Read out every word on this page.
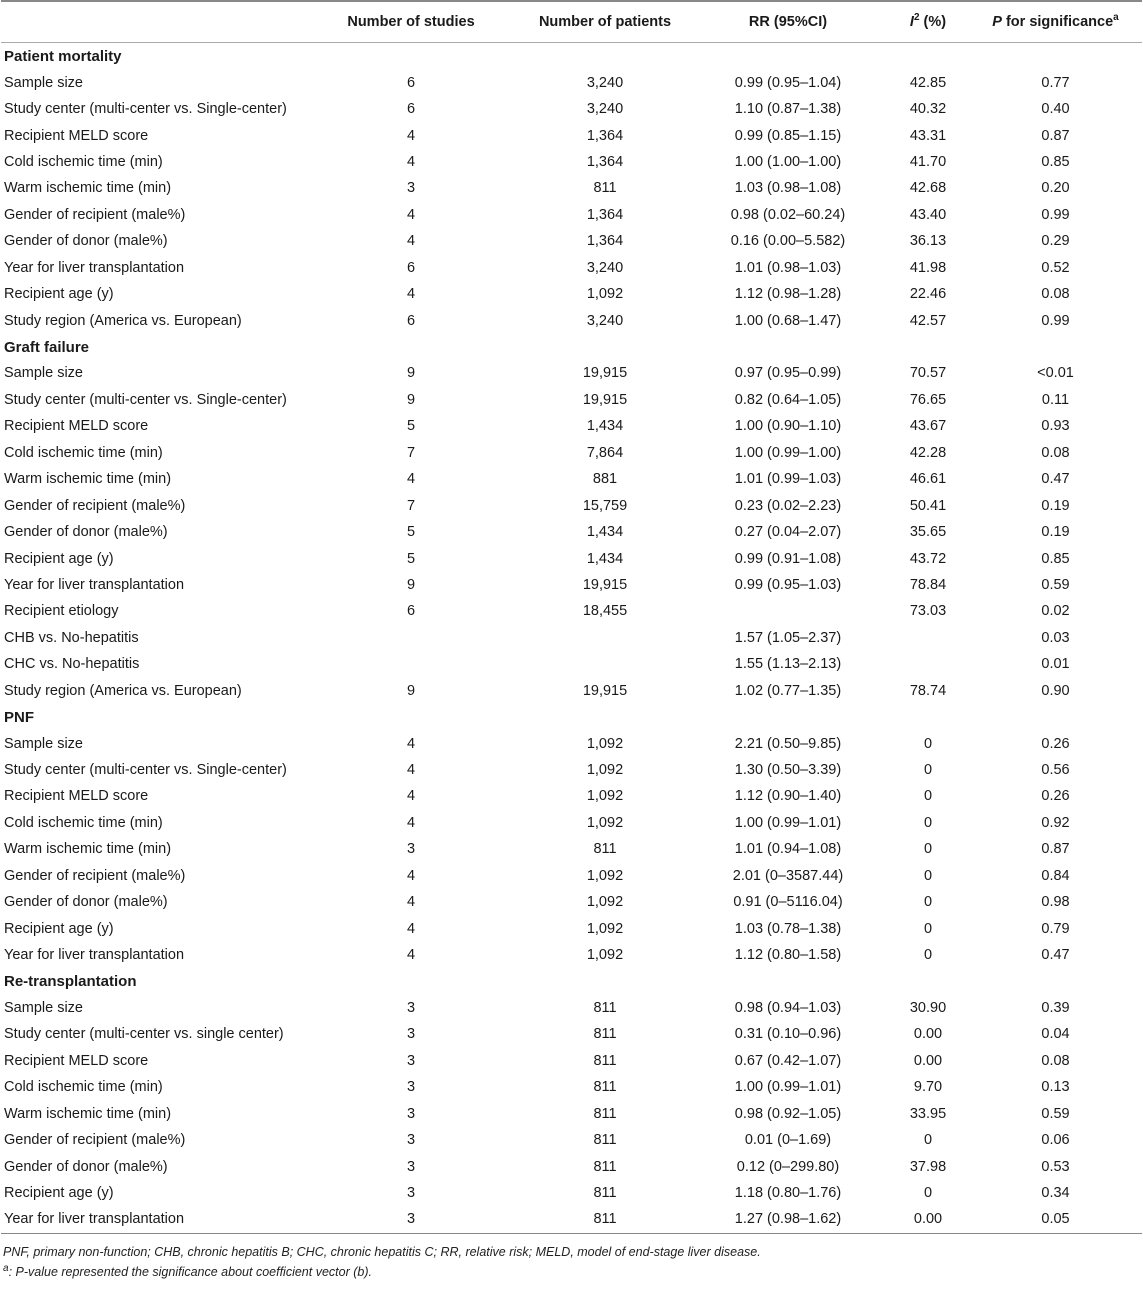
	Number of studies	Number of patients	RR (95%CI)	$I^2$ (%)	P for significance$^a$
Patient mortality					
Sample size	6	3,240	0.99 (0.95–1.04)	42.85	0.77
Study center (multi-center vs. Single-center)	6	3,240	1.10 (0.87–1.38)	40.32	0.40
Recipient MELD score	4	1,364	0.99 (0.85–1.15)	43.31	0.87
Cold ischemic time (min)	4	1,364	1.00 (1.00–1.00)	41.70	0.85
Warm ischemic time (min)	3	811	1.03 (0.98–1.08)	42.68	0.20
Gender of recipient (male%)	4	1,364	0.98 (0.02–60.24)	43.40	0.99
Gender of donor (male%)	4	1,364	0.16 (0.00–5.582)	36.13	0.29
Year for liver transplantation	6	3,240	1.01 (0.98–1.03)	41.98	0.52
Recipient age (y)	4	1,092	1.12 (0.98–1.28)	22.46	0.08
Study region (America vs. European)	6	3,240	1.00 (0.68–1.47)	42.57	0.99
Graft failure					
Sample size	9	19,915	0.97 (0.95–0.99)	70.57	<0.01
Study center (multi-center vs. Single-center)	9	19,915	0.82 (0.64–1.05)	76.65	0.11
Recipient MELD score	5	1,434	1.00 (0.90–1.10)	43.67	0.93
Cold ischemic time (min)	7	7,864	1.00 (0.99–1.00)	42.28	0.08
Warm ischemic time (min)	4	881	1.01 (0.99–1.03)	46.61	0.47
Gender of recipient (male%)	7	15,759	0.23 (0.02–2.23)	50.41	0.19
Gender of donor (male%)	5	1,434	0.27 (0.04–2.07)	35.65	0.19
Recipient age (y)	5	1,434	0.99 (0.91–1.08)	43.72	0.85
Year for liver transplantation	9	19,915	0.99 (0.95–1.03)	78.84	0.59
Recipient etiology	6	18,455		73.03	0.02
CHB vs. No-hepatitis			1.57 (1.05–2.37)		0.03
CHC vs. No-hepatitis			1.55 (1.13–2.13)		0.01
Study region (America vs. European)	9	19,915	1.02 (0.77–1.35)	78.74	0.90
PNF					
Sample size	4	1,092	2.21 (0.50–9.85)	0	0.26
Study center (multi-center vs. Single-center)	4	1,092	1.30 (0.50–3.39)	0	0.56
Recipient MELD score	4	1,092	1.12 (0.90–1.40)	0	0.26
Cold ischemic time (min)	4	1,092	1.00 (0.99–1.01)	0	0.92
Warm ischemic time (min)	3	811	1.01 (0.94–1.08)	0	0.87
Gender of recipient (male%)	4	1,092	2.01 (0–3587.44)	0	0.84
Gender of donor (male%)	4	1,092	0.91 (0–5116.04)	0	0.98
Recipient age (y)	4	1,092	1.03 (0.78–1.38)	0	0.79
Year for liver transplantation	4	1,092	1.12 (0.80–1.58)	0	0.47
Re-transplantation					
Sample size	3	811	0.98 (0.94–1.03)	30.90	0.39
Study center (multi-center vs. single center)	3	811	0.31 (0.10–0.96)	0.00	0.04
Recipient MELD score	3	811	0.67 (0.42–1.07)	0.00	0.08
Cold ischemic time (min)	3	811	1.00 (0.99–1.01)	9.70	0.13
Warm ischemic time (min)	3	811	0.98 (0.92–1.05)	33.95	0.59
Gender of recipient (male%)	3	811	0.01 (0–1.69)	0	0.06
Gender of donor (male%)	3	811	0.12 (0–299.80)	37.98	0.53
Recipient age (y)	3	811	1.18 (0.80–1.76)	0	0.34
Year for liver transplantation	3	811	1.27 (0.98–1.62)	0.00	0.05
PNF, primary non-function; CHB, chronic hepatitis B; CHC, chronic hepatitis C; RR, relative risk; MELD, model of end-stage liver disease.
$^a$: P-value represented the significance about coefficient vector (b).
